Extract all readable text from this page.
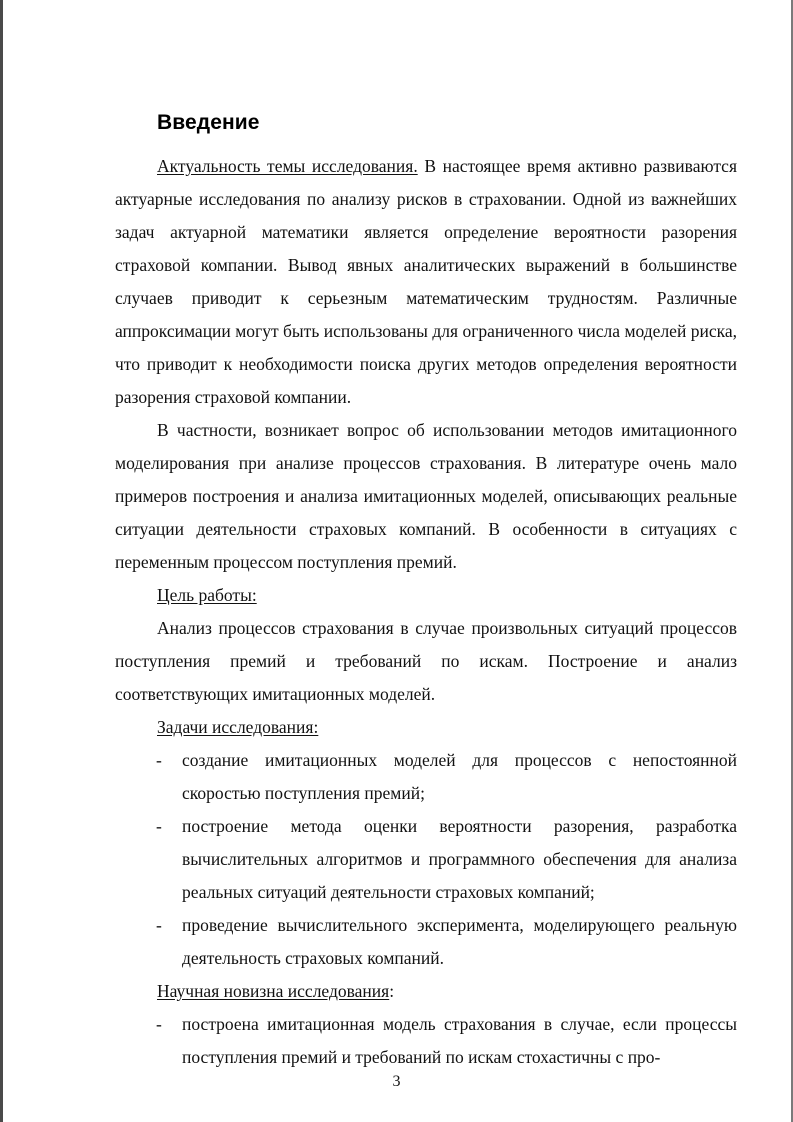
Введение

Актуальность темы исследования. В настоящее время активно развиваются актуарные исследования по анализу рисков в страховании. Одной из важнейших задач актуарной математики является определение вероятности разорения страховой компании. Вывод явных аналитических выражений в большинстве случаев приводит к серьезным математическим трудностям. Различные аппроксимации могут быть использованы для ограниченного числа моделей риска, что приводит к необходимости поиска других методов определения вероятности разорения страховой компании.

В частности, возникает вопрос об использовании методов имитационного моделирования при анализе процессов страхования. В литературе очень мало примеров построения и анализа имитационных моделей, описывающих реальные ситуации деятельности страховых компаний. В особенности в ситуациях с переменным процессом поступления премий.

Цель работы:

Анализ процессов страхования в случае произвольных ситуаций процессов поступления премий и требований по искам. Построение и анализ соответствующих имитационных моделей.

Задачи исследования:

- создание имитационных моделей для процессов с непостоянной скоростью поступления премий;
- построение метода оценки вероятности разорения, разработка вычислительных алгоритмов и программного обеспечения для анализа реальных ситуаций деятельности страховых компаний;
- проведение вычислительного эксперимента, моделирующего реальную деятельность страховых компаний.

Научная новизна исследования:

- построена имитационная модель страхования в случае, если процессы поступления премий и требований по искам стохастичны с про-
3
